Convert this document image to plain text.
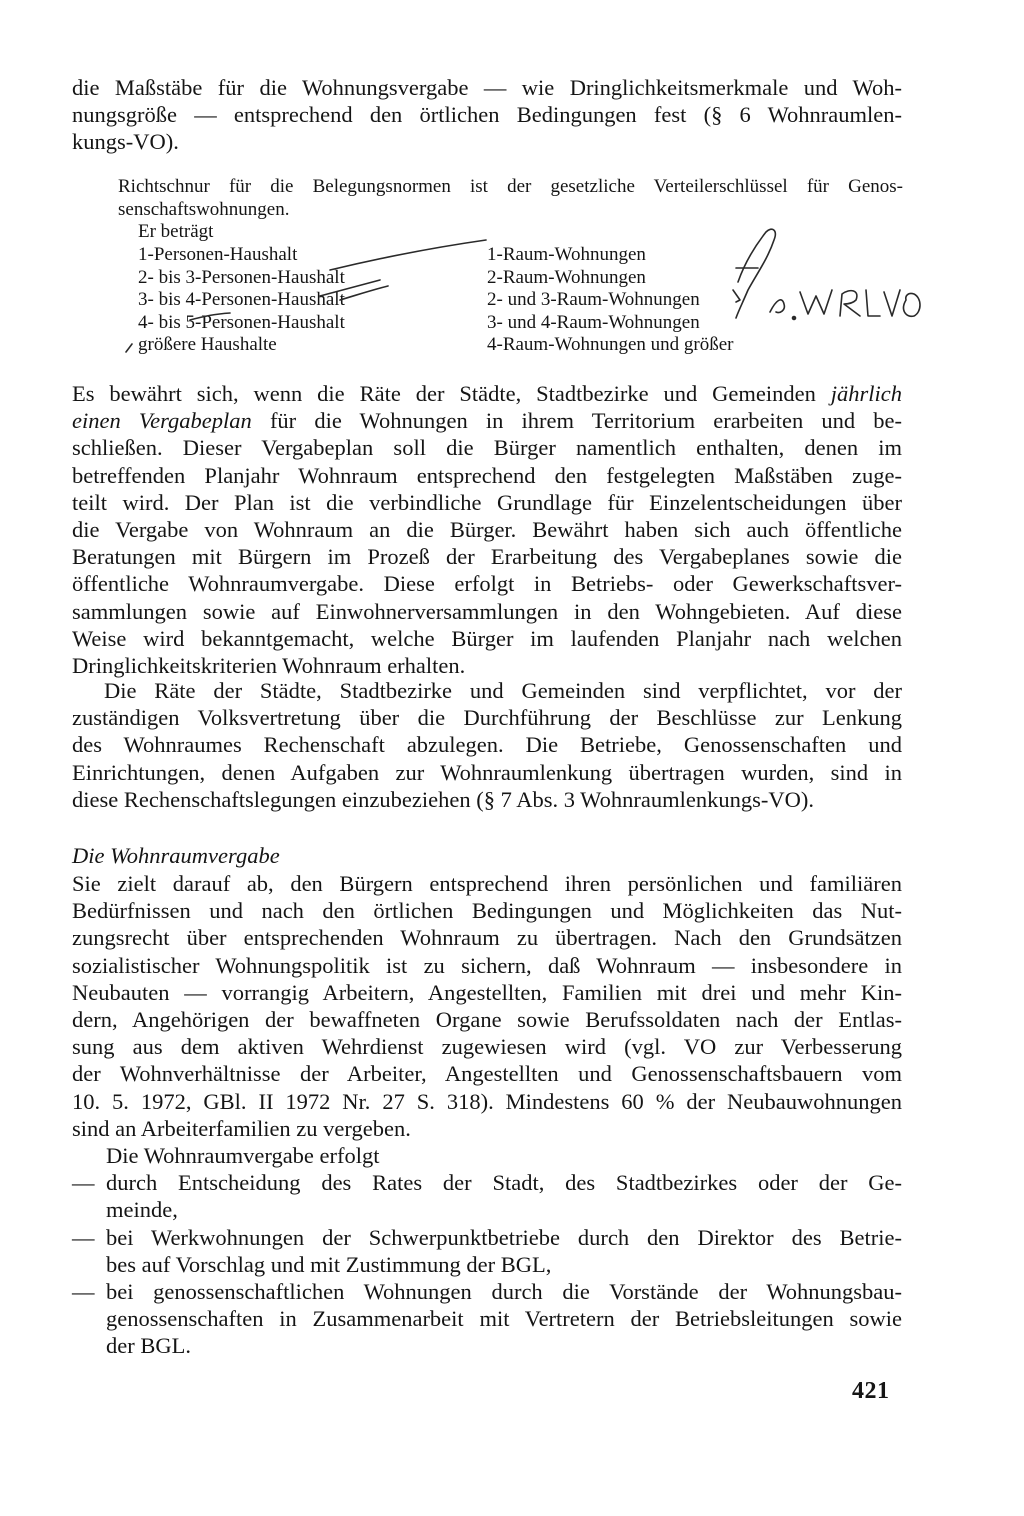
die Maßstäbe für die Wohnungsvergabe — wie Dringlichkeitsmerkmale und Woh-
nungsgröße — entsprechend den örtlichen Bedingungen fest (§ 6 Wohnraumlen-
kungs-VO).
Richtschnur für die Belegungsnormen ist der gesetzliche Verteilerschlüssel für Genos-
senschaftswohnungen.
Er beträgt
1-Personen-Haushalt	1-Raum-Wohnungen
2- bis 3-Personen-Haushalt	2-Raum-Wohnungen
3- bis 4-Personen-Haushalt	2- und 3-Raum-Wohnungen
4- bis 5-Personen-Haushalt	3- und 4-Raum-Wohnungen
größere Haushalte	4-Raum-Wohnungen und größer
Es bewährt sich, wenn die Räte der Städte, Stadtbezirke und Gemeinden jährlich
einen Vergabeplan für die Wohnungen in ihrem Territorium erarbeiten und be-
schließen. Dieser Vergabeplan soll die Bürger namentlich enthalten, denen im
betreffenden Planjahr Wohnraum entsprechend den festgelegten Maßstäben zuge-
teilt wird. Der Plan ist die verbindliche Grundlage für Einzelentscheidungen über
die Vergabe von Wohnraum an die Bürger. Bewährt haben sich auch öffentliche
Beratungen mit Bürgern im Prozeß der Erarbeitung des Vergabeplanes sowie die
öffentliche Wohnraumvergabe. Diese erfolgt in Betriebs- oder Gewerkschaftsver-
sammlungen sowie auf Einwohnerversammlungen in den Wohngebieten. Auf diese
Weise wird bekanntgemacht, welche Bürger im laufenden Planjahr nach welchen
Dringlichkeitskriterien Wohnraum erhalten.
Die Räte der Städte, Stadtbezirke und Gemeinden sind verpflichtet, vor der
zuständigen Volksvertretung über die Durchführung der Beschlüsse zur Lenkung
des Wohnraumes Rechenschaft abzulegen. Die Betriebe, Genossenschaften und
Einrichtungen, denen Aufgaben zur Wohnraumlenkung übertragen wurden, sind in
diese Rechenschaftslegungen einzubeziehen (§ 7 Abs. 3 Wohnraumlenkungs-VO).
Die Wohnraumvergabe
Sie zielt darauf ab, den Bürgern entsprechend ihren persönlichen und familiären
Bedürfnissen und nach den örtlichen Bedingungen und Möglichkeiten das Nut-
zungsrecht über entsprechenden Wohnraum zu übertragen. Nach den Grundsätzen
sozialistischer Wohnungspolitik ist zu sichern, daß Wohnraum — insbesondere in
Neubauten — vorrangig Arbeitern, Angestellten, Familien mit drei und mehr Kin-
dern, Angehörigen der bewaffneten Organe sowie Berufssoldaten nach der Entlas-
sung aus dem aktiven Wehrdienst zugewiesen wird (vgl. VO zur Verbesserung
der Wohnverhältnisse der Arbeiter, Angestellten und Genossenschaftsbauern vom
10. 5. 1972, GBl. II 1972 Nr. 27 S. 318). Mindestens 60 % der Neubauwohnungen
sind an Arbeiterfamilien zu vergeben.
Die Wohnraumvergabe erfolgt
— durch Entscheidung des Rates der Stadt, des Stadtbezirkes oder der Ge-
meinde,
— bei Werkwohnungen der Schwerpunktbetriebe durch den Direktor des Betrie-
bes auf Vorschlag und mit Zustimmung der BGL,
— bei genossenschaftlichen Wohnungen durch die Vorstände der Wohnungsbau-
genossenschaften in Zusammenarbeit mit Vertretern der Betriebsleitungen sowie
der BGL.
421
